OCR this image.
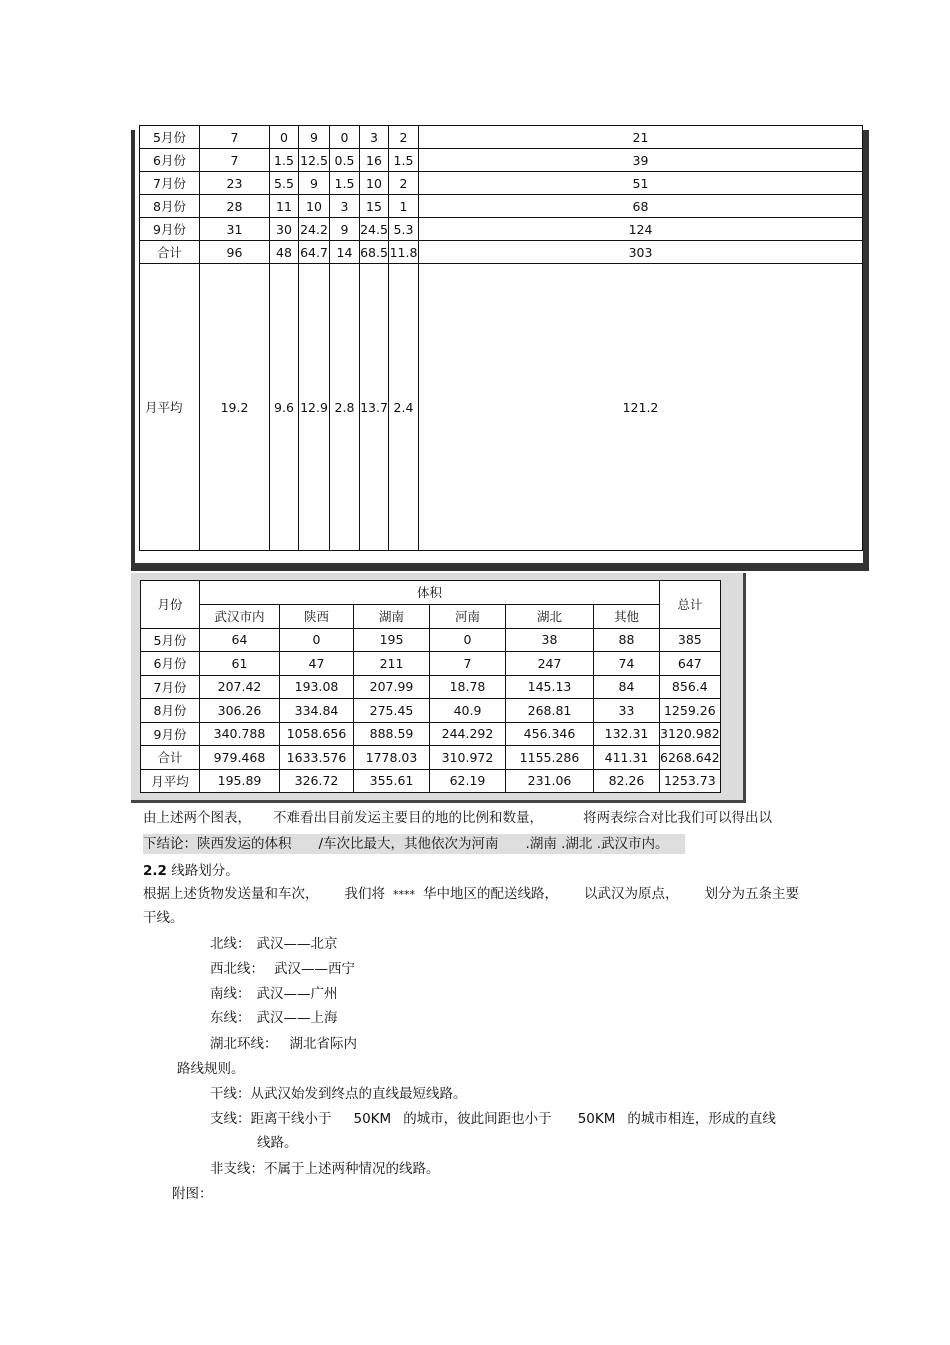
5月份	7	0	9	0	3	2	21
6月份	7	1.5	12.5	0.5	16	1.5	39
7月份	23	5.5	9	1.5	10	2	51
8月份	28	11	10	3	15	1	68
9月份	31	30	24.2	9	24.5	5.3	124
合计	96	48	64.7	14	68.5	11.8	303
月平均	19.2	9.6	12.9	2.8	13.7	2.4	121.2
月份	体积						总计
	武汉市内	陕西	湖南	河南	湖北	其他	
5月份	64	0	195	0	38	88	385
6月份	61	47	211	7	247	74	647
7月份	207.42	193.08	207.99	18.78	145.13	84	856.4
8月份	306.26	334.84	275.45	40.9	268.81	33	1259.26
9月份	340.788	1058.656	888.59	244.292	456.346	132.31	3120.982
合计	979.468	1633.576	1778.03	310.972	1155.286	411.31	6268.642
月平均	195.89	326.72	355.61	62.19	231.06	82.26	1253.73
由上述两个图表， 不难看出目前发运主要目的地的比例和数量，	将两表综合对比我们可以得出以
下结论：陕西发运的体积　　/车次比最大，其他依次为河南　　.湖南 .湖北 .武汉市内。
2.2 线路划分。
根据上述货物发送量和车次， 我们将 **** 华中地区的配送线路， 以武汉为原点， 划分为五条主要
干线。
北线： 武汉——北京
西北线： 武汉——西宁
南线： 武汉——广州
东线： 武汉——上海
湖北环线： 湖北省际内
路线规则。
干线：从武汉始发到终点的直线最短线路。
支线：距离干线小于 50KM 的城市，彼此间距也小于 50KM 的城市相连，形成的直线
线路。
非支线：不属于上述两种情况的线路。
附图：
